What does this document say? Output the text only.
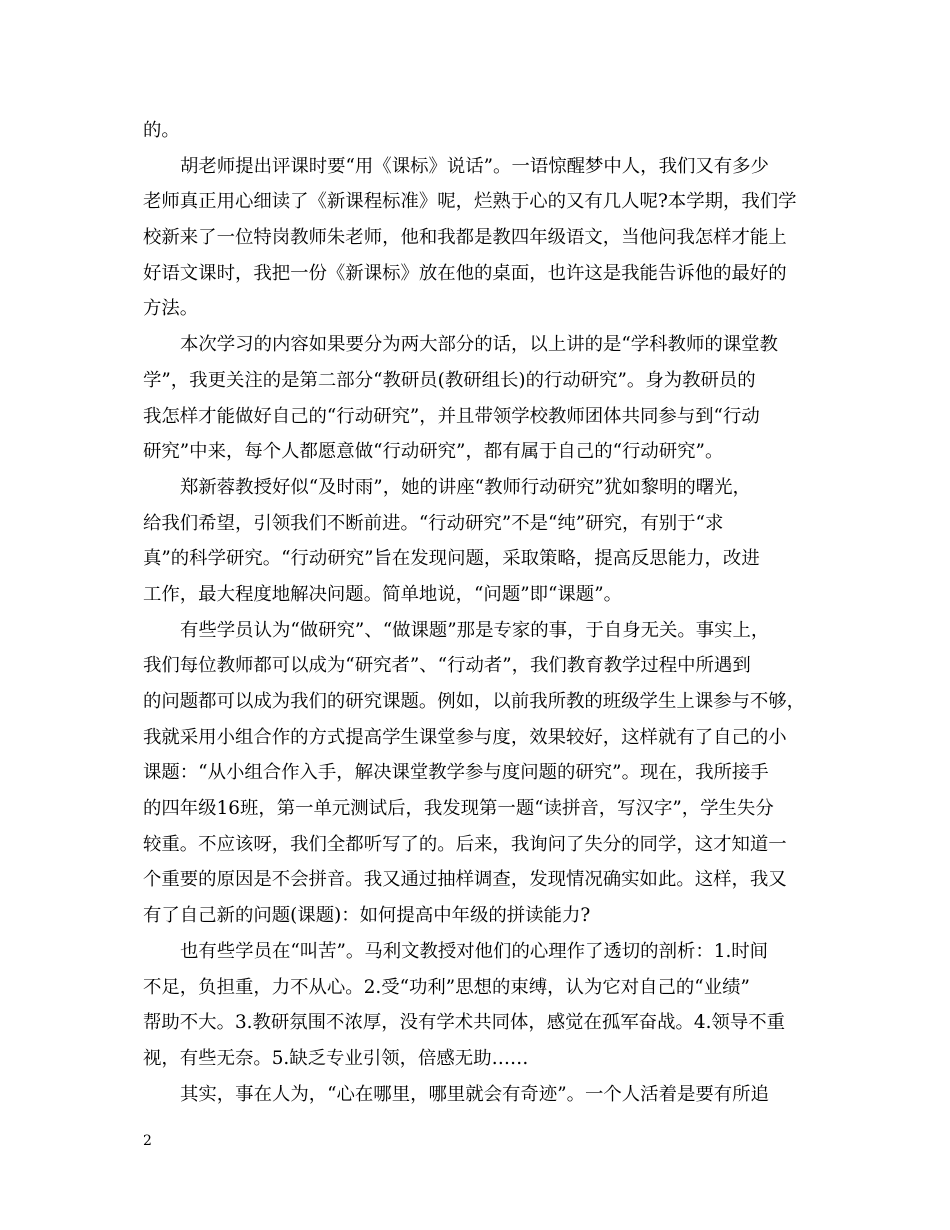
的。
胡老师提出评课时要“用《课标》说话”。一语惊醒梦中人，我们又有多少
老师真正用心细读了《新课程标准》呢，烂熟于心的又有几人呢?本学期，我们学
校新来了一位特岗教师朱老师，他和我都是教四年级语文，当他问我怎样才能上
好语文课时，我把一份《新课标》放在他的桌面，也许这是我能告诉他的最好的
方法。
本次学习的内容如果要分为两大部分的话，以上讲的是“学科教师的课堂教
学”，我更关注的是第二部分“教研员(教研组长)的行动研究”。身为教研员的
我怎样才能做好自己的“行动研究”，并且带领学校教师团体共同参与到“行动
研究”中来，每个人都愿意做“行动研究”，都有属于自己的“行动研究”。
郑新蓉教授好似“及时雨”，她的讲座“教师行动研究”犹如黎明的曙光，
给我们希望，引领我们不断前进。“行动研究”不是“纯”研究，有别于“求
真”的科学研究。“行动研究”旨在发现问题，采取策略，提高反思能力，改进
工作，最大程度地解决问题。简单地说，“问题”即“课题”。
有些学员认为“做研究”、“做课题”那是专家的事，于自身无关。事实上，
我们每位教师都可以成为“研究者”、“行动者”，我们教育教学过程中所遇到
的问题都可以成为我们的研究课题。例如，以前我所教的班级学生上课参与不够，
我就采用小组合作的方式提高学生课堂参与度，效果较好，这样就有了自己的小
课题：“从小组合作入手，解决课堂教学参与度问题的研究”。现在，我所接手
的四年级16班，第一单元测试后，我发现第一题“读拼音，写汉字”，学生失分
较重。不应该呀，我们全都听写了的。后来，我询问了失分的同学，这才知道一
个重要的原因是不会拼音。我又通过抽样调查，发现情况确实如此。这样，我又
有了自己新的问题(课题)：如何提高中年级的拼读能力?
也有些学员在“叫苦”。马利文教授对他们的心理作了透切的剖析：1.时间
不足，负担重，力不从心。2.受“功利”思想的束缚，认为它对自己的“业绩”
帮助不大。3.教研氛围不浓厚，没有学术共同体，感觉在孤军奋战。4.领导不重
视，有些无奈。5.缺乏专业引领，倍感无助……
其实，事在人为，“心在哪里，哪里就会有奇迹”。一个人活着是要有所追
2
